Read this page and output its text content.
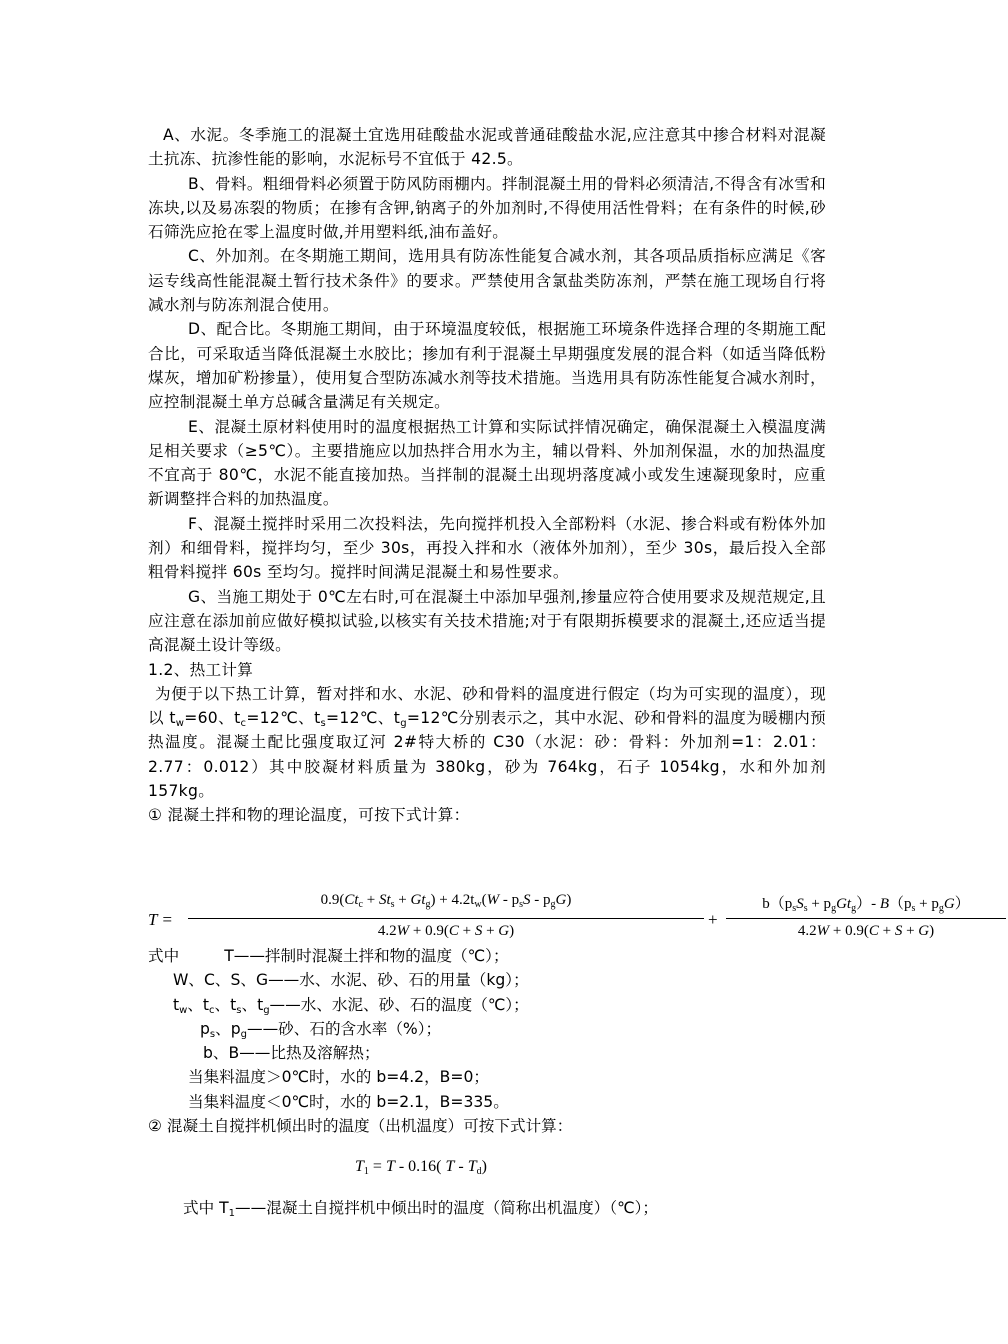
A、水泥。冬季施工的混凝土宜选用硅酸盐水泥或普通硅酸盐水泥,应注意其中掺合材料对混凝土抗冻、抗渗性能的影响，水泥标号不宜低于 42.5。

B、骨料。粗细骨料必须置于防风防雨棚内。拌制混凝土用的骨料必须清洁,不得含有冰雪和冻块,以及易冻裂的物质；在掺有含钾,钠离子的外加剂时,不得使用活性骨料；在有条件的时候,砂石筛洗应抢在零上温度时做,并用塑料纸,油布盖好。

C、外加剂。在冬期施工期间，选用具有防冻性能复合减水剂，其各项品质指标应满足《客运专线高性能混凝土暂行技术条件》的要求。严禁使用含氯盐类防冻剂，严禁在施工现场自行将减水剂与防冻剂混合使用。

D、配合比。冬期施工期间，由于环境温度较低，根据施工环境条件选择合理的冬期施工配合比，可采取适当降低混凝土水胶比；掺加有利于混凝土早期强度发展的混合料（如适当降低粉煤灰，增加矿粉掺量），使用复合型防冻减水剂等技术措施。当选用具有防冻性能复合减水剂时，应控制混凝土单方总碱含量满足有关规定。

E、混凝土原材料使用时的温度根据热工计算和实际试拌情况确定，确保混凝土入模温度满足相关要求（≥5℃）。主要措施应以加热拌合用水为主，辅以骨料、外加剂保温，水的加热温度不宜高于 80℃，水泥不能直接加热。当拌制的混凝土出现坍落度减小或发生速凝现象时，应重新调整拌合料的加热温度。

F、混凝土搅拌时采用二次投料法，先向搅拌机投入全部粉料（水泥、掺合料或有粉体外加剂）和细骨料，搅拌均匀，至少 30s，再投入拌和水（液体外加剂），至少 30s，最后投入全部粗骨料搅拌 60s 至均匀。搅拌时间满足混凝土和易性要求。

G、当施工期处于 0℃左右时,可在混凝土中添加早强剂,掺量应符合使用要求及规范规定,且应注意在添加前应做好模拟试验,以核实有关技术措施;对于有限期拆模要求的混凝土,还应适当提高混凝土设计等级。

1.2、热工计算

为便于以下热工计算，暂对拌和水、水泥、砂和骨料的温度进行假定（均为可实现的温度），现以 $t_w=60$、$t_c=12℃$、$t_s=12℃$、$t_g=12℃$分别表示之，其中水泥、砂和骨料的温度为暖棚内预热温度。混凝土配比强度取辽河 2#特大桥的 C30（水泥：砂：骨料：外加剂=1：2.01：2.77：0.012）其中胶凝材料质量为 380kg，砂为 764kg，石子 1054kg，水和外加剂 157kg。

① 混凝土拌和物的理论温度，可按下式计算：

T =
$0.9(Ct_c + St_s + Gt_g) + 4.2t_w(W - p_sS - p_gG)$
4.2W + 0.9(C + S + G)
+
$b(p_sS_s + p_gGt_g)-$ $B(p_s + p_gG)$
4.2W + 0.9(C + S + G)
式中	T——拌制时混凝土拌和物的温度（℃）；
W、C、S、G——水、水泥、砂、石的用量（kg）；
$t_w$、$t_c$、$t_s$、$t_g——$水、水泥、砂、石的温度（℃）；
$p_s$、$p_g——$砂、石的含水率（%）；
b、B——比热及溶解热；
当集料温度＞0℃时，水的 b=4.2，B=0；
当集料温度＜0℃时，水的 b=2.1，B=335。
② 混凝土自搅拌机倾出时的温度（出机温度）可按下式计算：
$T_1 = T - 0.16$( T - $T_d$)
式中 $T_1——$混凝土自搅拌机中倾出时的温度（简称出机温度）（℃）；
